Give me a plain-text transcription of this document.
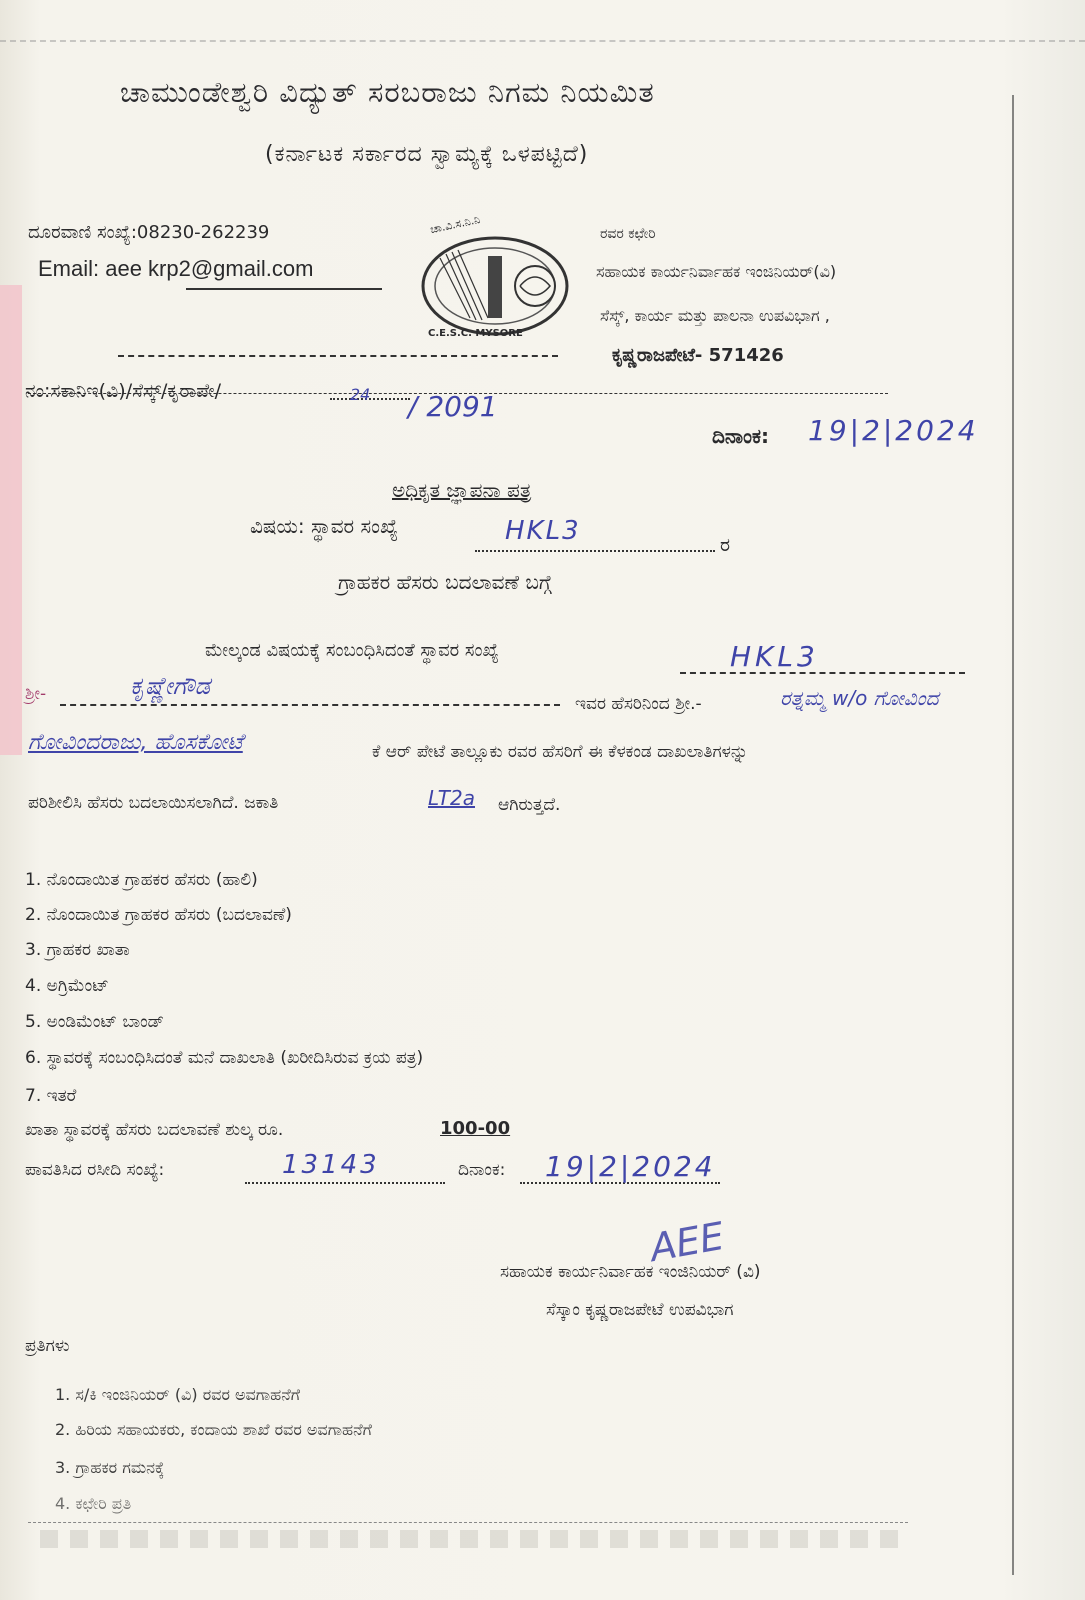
ಚಾಮುಂಡೇಶ್ವರಿ ವಿದ್ಯುತ್ ಸರಬರಾಜು ನಿಗಮ ನಿಯಮಿತ
(ಕರ್ನಾಟಕ ಸರ್ಕಾರದ ಸ್ವಾಮ್ಯಕ್ಕೆ ಒಳಪಟ್ಟಿದೆ)
ದೂರವಾಣಿ ಸಂಖ್ಯೆ:08230-262239
Email: aee krp2@gmail.com
ಚಾ.ವಿ.ಸ.ನಿ.ನಿ
C.E.S.C. MYSORE
ರವರ ಕಛೇರಿ
ಸಹಾಯಕ ಕಾರ್ಯನಿರ್ವಾಹಕ ಇಂಜಿನಿಯರ್(ವಿ)
ಸೆಸ್ಕ್, ಕಾರ್ಯ ಮತ್ತು ಪಾಲನಾ ಉಪವಿಭಾಗ ,
ಕೃಷ್ಣರಾಜಪೇಟೆ- 571426
ನಂ:ಸಕಾನಿಇ(ವಿ)/ಸೆಸ್ಕ್/ಕೃರಾಪೇ/	24 / 2091
ದಿನಾಂಕ: 19|2|2024
ಅಧಿಕೃತ ಜ್ಞಾಪನಾ ಪತ್ರ
ವಿಷಯ: ಸ್ಥಾವರ ಸಂಖ್ಯೆ	HKL3	ರ
ಗ್ರಾಹಕರ ಹೆಸರು ಬದಲಾವಣೆ ಬಗ್ಗೆ
ಮೇಲ್ಕಂಡ ವಿಷಯಕ್ಕೆ ಸಂಬಂಧಿಸಿದಂತೆ ಸ್ಥಾವರ ಸಂಖ್ಯೆ	HKL3
ಶ್ರೀ-	ಕೃಷ್ಣೇಗೌಡ
ಇವರ ಹೆಸರಿನಿಂದ ಶ್ರೀ.-	ರತ್ನಮ್ಮ w/o ಗೋವಿಂದ
ಗೋವಿಂದರಾಜು, ಹೊಸಕೋಟೆ	ಕೆ ಆರ್ ಪೇಟೆ ತಾಲ್ಲೂಕು ರವರ ಹೆಸರಿಗೆ ಈ ಕೆಳಕಂಡ ದಾಖಲಾತಿಗಳನ್ನು
ಪರಿಶೀಲಿಸಿ ಹೆಸರು ಬದಲಾಯಿಸಲಾಗಿದೆ. ಜಕಾತಿ	LT2a ಆಗಿರುತ್ತದೆ.
1. ನೊಂದಾಯಿತ ಗ್ರಾಹಕರ ಹೆಸರು (ಹಾಲಿ)
2. ನೊಂದಾಯಿತ ಗ್ರಾಹಕರ ಹೆಸರು (ಬದಲಾವಣೆ)
3. ಗ್ರಾಹಕರ ಖಾತಾ
4. ಅಗ್ರಿಮೆಂಟ್
5. ಅಂಡಿಮೆಂಟ್ ಬಾಂಡ್
6. ಸ್ಥಾವರಕ್ಕೆ ಸಂಬಂಧಿಸಿದಂತೆ ಮನೆ ದಾಖಲಾತಿ (ಖರೀದಿಸಿರುವ ಕ್ರಯ ಪತ್ರ)
7. ಇತರೆ
ಖಾತಾ ಸ್ಥಾವರಕ್ಕೆ ಹೆಸರು ಬದಲಾವಣೆ ಶುಲ್ಕ ರೂ.	100-00
ಪಾವತಿಸಿದ ರಸೀದಿ ಸಂಖ್ಯೆ:	13143	ದಿನಾಂಕ: 19|2|2024
AEE
ಸಹಾಯಕ ಕಾರ್ಯನಿರ್ವಾಹಕ ಇಂಜಿನಿಯರ್ (ವಿ)
ಸೆಸ್ಕಾಂ ಕೃಷ್ಣರಾಜಪೇಟೆ ಉಪವಿಭಾಗ
ಪ್ರತಿಗಳು
1. ಸ/ಕಿ ಇಂಜಿನಿಯರ್ (ವಿ) ರವರ ಅವಗಾಹನೆಗೆ
2. ಹಿರಿಯ ಸಹಾಯಕರು, ಕಂದಾಯ ಶಾಖೆ ರವರ ಅವಗಾಹನೆಗೆ
3. ಗ್ರಾಹಕರ ಗಮನಕ್ಕೆ
4. ಕಛೇರಿ ಪ್ರತಿ
